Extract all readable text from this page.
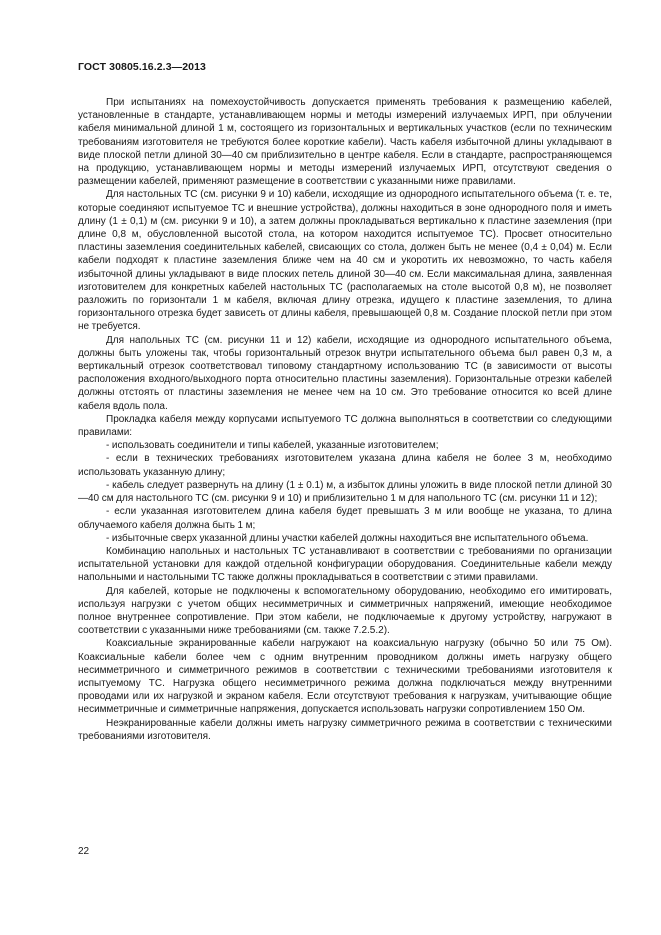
ГОСТ 30805.16.2.3—2013

При испытаниях на помехоустойчивость допускается применять требования к размещению кабелей, установленные в стандарте, устанавливающем нормы и методы измерений излучаемых ИРП, при облучении кабеля минимальной длиной 1 м, состоящего из горизонтальных и вертикальных участков (если по техническим требованиям изготовителя не требуются более короткие кабели). Часть кабеля избыточной длины укладывают в виде плоской петли длиной 30—40 см приблизительно в центре кабеля. Если в стандарте, распространяющемся на продукцию, устанавливающем нормы и методы измерений излучаемых ИРП, отсутствуют сведения о размещении кабелей, применяют размещение в соответствии с указанными ниже правилами.

Для настольных ТС (см. рисунки 9 и 10) кабели, исходящие из однородного испытательного объема (т. е. те, которые соединяют испытуемое ТС и внешние устройства), должны находиться в зоне однородного поля и иметь длину (1 ± 0,1) м (см. рисунки 9 и 10), а затем должны прокладываться вертикально к пластине заземления (при длине 0,8 м, обусловленной высотой стола, на котором находится испытуемое ТС). Просвет относительно пластины заземления соединительных кабелей, свисающих со стола, должен быть не менее (0,4 ± 0,04) м. Если кабели подходят к пластине заземления ближе чем на 40 см и укоротить их невозможно, то часть кабеля избыточной длины укладывают в виде плоских петель длиной 30—40 см. Если максимальная длина, заявленная изготовителем для конкретных кабелей настольных ТС (располагаемых на столе высотой 0,8 м), не позволяет разложить по горизонтали 1 м кабеля, включая длину отрезка, идущего к пластине заземления, то длина горизонтального отрезка будет зависеть от длины кабеля, превышающей 0,8 м. Создание плоской петли при этом не требуется.

Для напольных ТС (см. рисунки 11 и 12) кабели, исходящие из однородного испытательного объема, должны быть уложены так, чтобы горизонтальный отрезок внутри испытательного объема был равен 0,3 м, а вертикальный отрезок соответствовал типовому стандартному использованию ТС (в зависимости от высоты расположения входного/выходного порта относительно пластины заземления). Горизонтальные отрезки кабелей должны отстоять от пластины заземления не менее чем на 10 см. Это требование относится ко всей длине кабеля вдоль пола.

Прокладка кабеля между корпусами испытуемого ТС должна выполняться в соответствии со следующими правилами:

- использовать соединители и типы кабелей, указанные изготовителем;

- если в технических требованиях изготовителем указана длина кабеля не более 3 м, необходимо использовать указанную длину;

- кабель следует развернуть на длину (1 ± 0.1) м, а избыток длины уложить в виде плоской петли длиной 30—40 см для настольного ТС (см. рисунки 9 и 10) и приблизительно 1 м для напольного ТС (см. рисунки 11 и 12);

- если указанная изготовителем длина кабеля будет превышать 3 м или вообще не указана, то длина облучаемого кабеля должна быть 1 м;

- избыточные сверх указанной длины участки кабелей должны находиться вне испытательного объема.

Комбинацию напольных и настольных ТС устанавливают в соответствии с требованиями по организации испытательной установки для каждой отдельной конфигурации оборудования. Соединительные кабели между напольными и настольными ТС также должны прокладываться в соответствии с этими правилами.

Для кабелей, которые не подключены к вспомогательному оборудованию, необходимо его имитировать, используя нагрузки с учетом общих несимметричных и симметричных напряжений, имеющие необходимое полное внутреннее сопротивление. При этом кабели, не подключаемые к другому устройству, нагружают в соответствии с указанными ниже требованиями (см. также 7.2.5.2).

Коаксиальные экранированные кабели нагружают на коаксиальную нагрузку (обычно 50 или 75 Ом). Коаксиальные кабели более чем с одним внутренним проводником должны иметь нагрузку общего несимметричного и симметричного режимов в соответствии с техническими требованиями изготовителя к испытуемому ТС. Нагрузка общего несимметричного режима должна подключаться между внутренними проводами или их нагрузкой и экраном кабеля. Если отсутствуют требования к нагрузкам, учитывающие общие несимметричные и симметричные напряжения, допускается использовать нагрузки сопротивлением 150 Ом.

Неэкранированные кабели должны иметь нагрузку симметричного режима в соответствии с техническими требованиями изготовителя.

22
